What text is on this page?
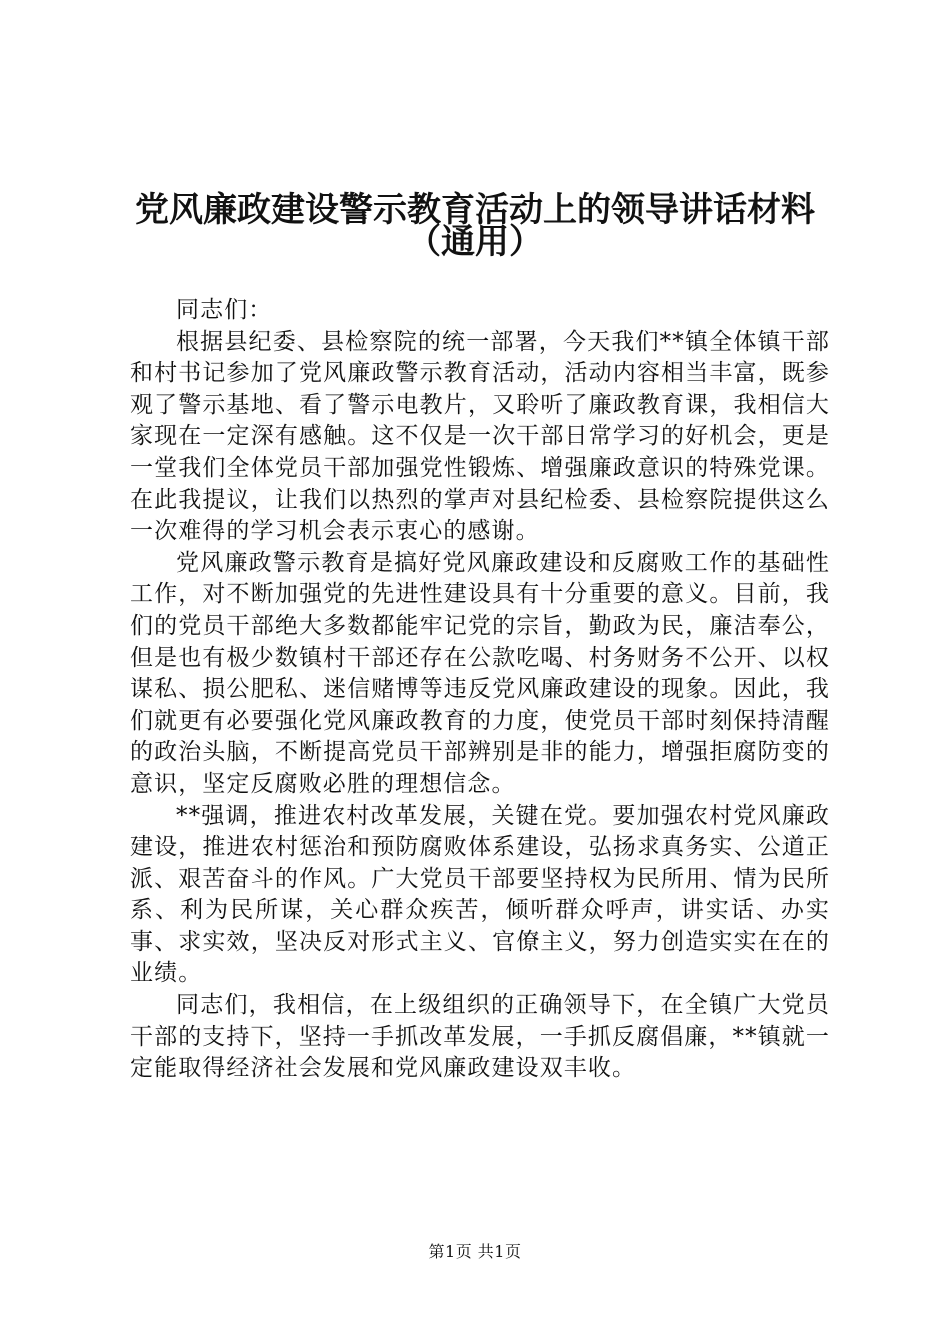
党风廉政建设警示教育活动上的领导讲话材料
（通用）

同志们：

根据县纪委、县检察院的统一部署，今天我们**镇全体镇干部和村书记参加了党风廉政警示教育活动，活动内容相当丰富，既参观了警示基地、看了警示电教片，又聆听了廉政教育课，我相信大家现在一定深有感触。这不仅是一次干部日常学习的好机会，更是一堂我们全体党员干部加强党性锻炼、增强廉政意识的特殊党课。在此我提议，让我们以热烈的掌声对县纪检委、县检察院提供这么一次难得的学习机会表示衷心的感谢。

党风廉政警示教育是搞好党风廉政建设和反腐败工作的基础性工作，对不断加强党的先进性建设具有十分重要的意义。目前，我们的党员干部绝大多数都能牢记党的宗旨，勤政为民，廉洁奉公，但是也有极少数镇村干部还存在公款吃喝、村务财务不公开、以权谋私、损公肥私、迷信赌博等违反党风廉政建设的现象。因此，我们就更有必要强化党风廉政教育的力度，使党员干部时刻保持清醒的政治头脑，不断提高党员干部辨别是非的能力，增强拒腐防变的意识，坚定反腐败必胜的理想信念。

**强调，推进农村改革发展，关键在党。要加强农村党风廉政建设，推进农村惩治和预防腐败体系建设，弘扬求真务实、公道正派、艰苦奋斗的作风。广大党员干部要坚持权为民所用、情为民所系、利为民所谋，关心群众疾苦，倾听群众呼声，讲实话、办实事、求实效，坚决反对形式主义、官僚主义，努力创造实实在在的业绩。

同志们，我相信，在上级组织的正确领导下，在全镇广大党员干部的支持下，坚持一手抓改革发展，一手抓反腐倡廉，**镇就一定能取得经济社会发展和党风廉政建设双丰收。

第1页 共1页
